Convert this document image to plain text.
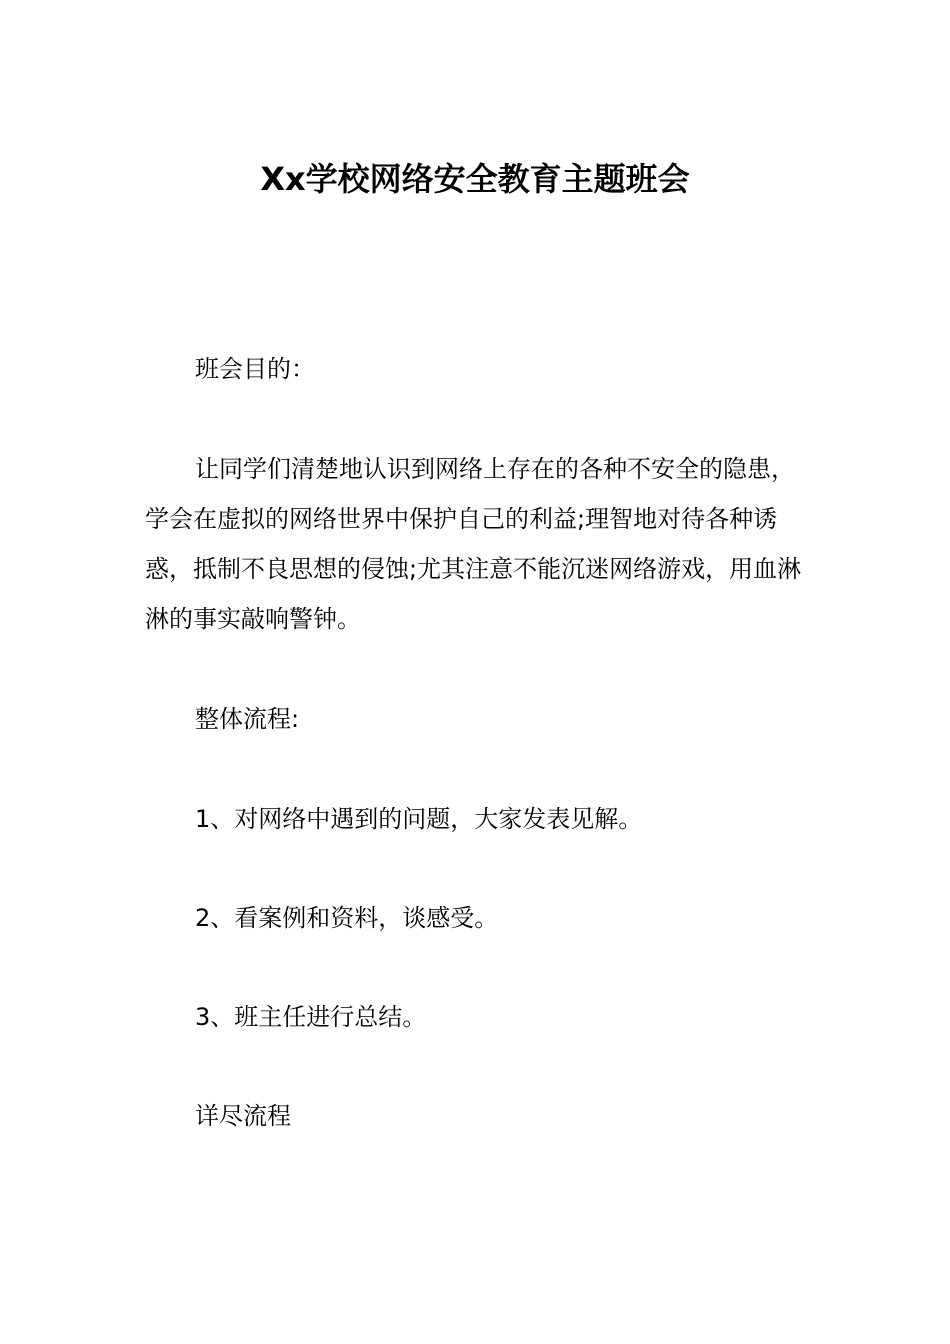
Xx学校网络安全教育主题班会

班会目的：

让同学们清楚地认识到网络上存在的各种不安全的隐患，学会在虚拟的网络世界中保护自己的利益;理智地对待各种诱惑，抵制不良思想的侵蚀;尤其注意不能沉迷网络游戏，用血淋淋的事实敲响警钟。

整体流程:

1、对网络中遇到的问题，大家发表见解。

2、看案例和资料，谈感受。

3、班主任进行总结。

详尽流程
